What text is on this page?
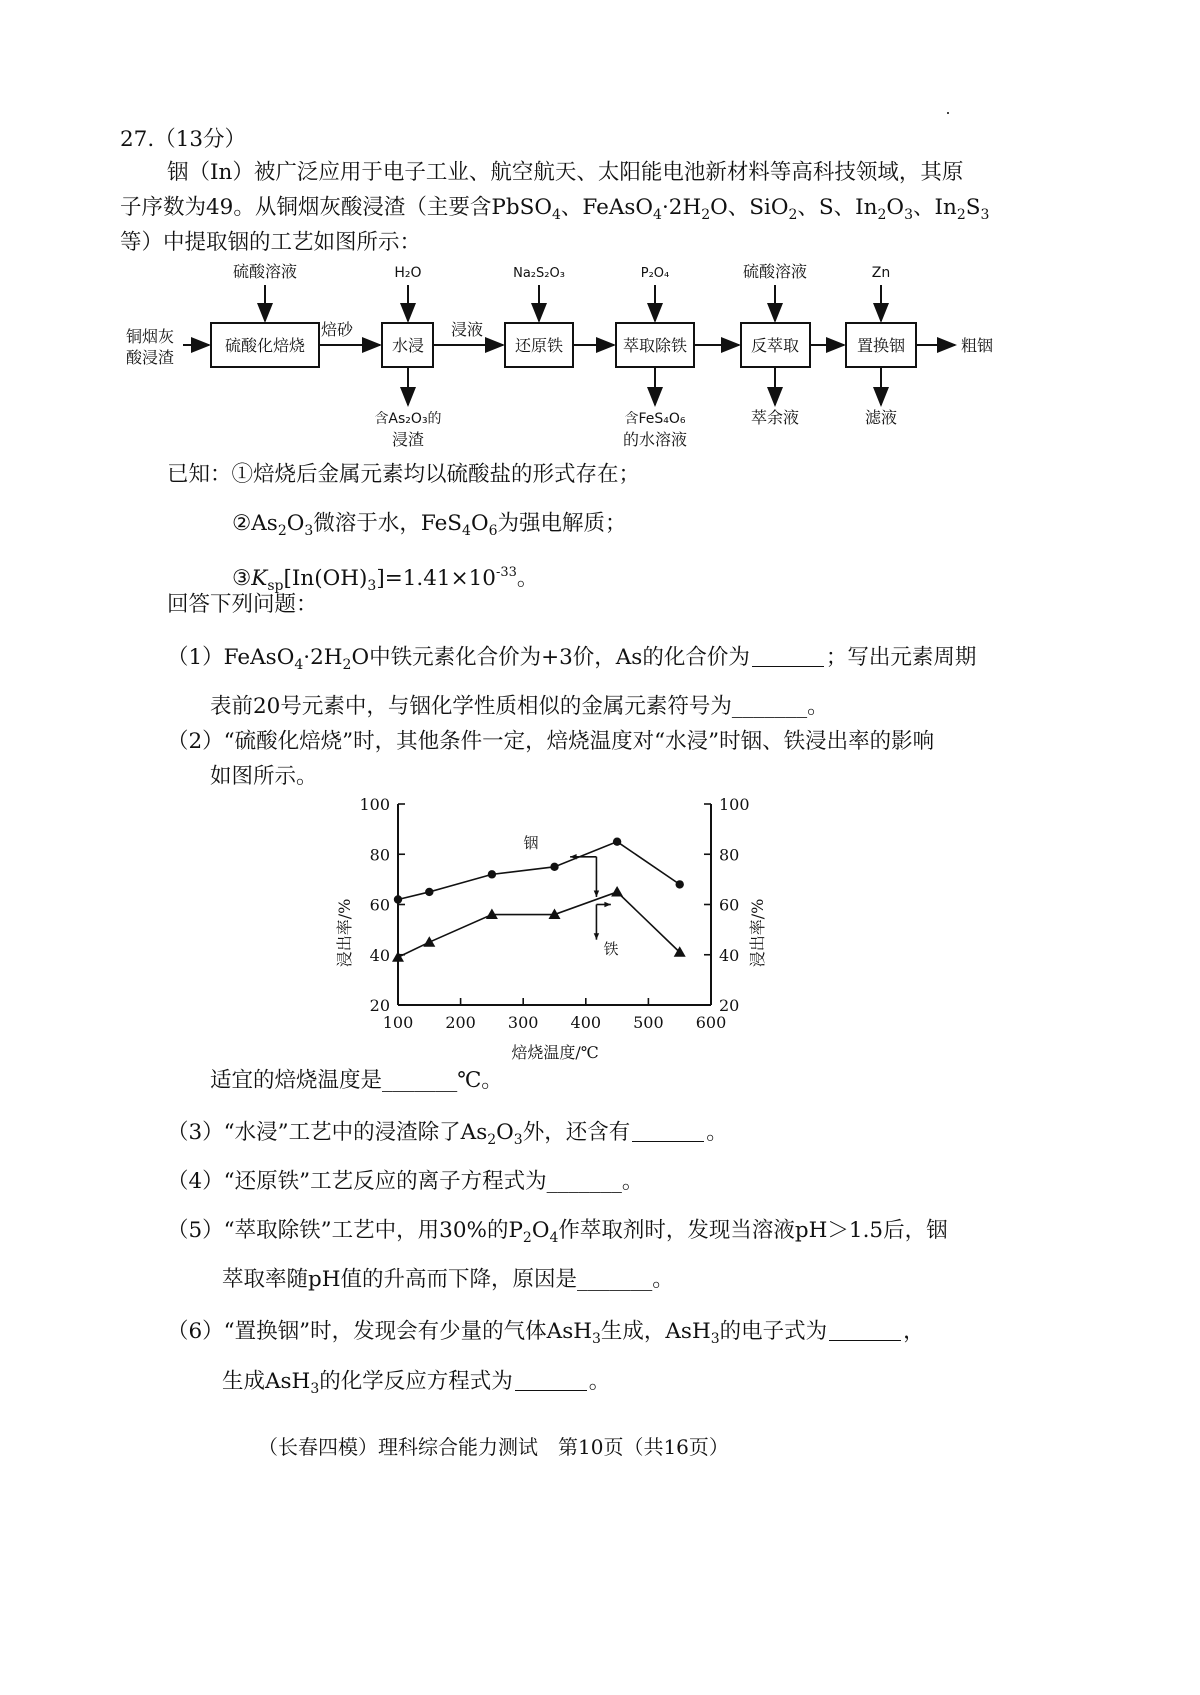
27.（13分）
铟（In）被广泛应用于电子工业、航空航天、太阳能电池新材料等高科技领域，其原
子序数为49。从铜烟灰酸浸渣（主要含PbSO$_4$、$FeAsO_4\cdot 2H_2O$、SiO$_2$、S、$In_2O_3$、$In_2S_3$
等）中提取铟的工艺如图所示：
铜烟灰
酸浸渣
硫酸化焙烧	水浸	还原铁	萃取除铁	反萃取	置换铟
硫酸溶液	H₂O	Na₂S₂O₃	P₂O₄	硫酸溶液	Zn
焙砂	浸液
含As₂O₃的
浸渣
含FeS₄O₆
的水溶液
萃余液	滤液
粗铟
已知：①焙烧后金属元素均以硫酸盐的形式存在；
$②As_2O_3$微溶于水，$FeS_4O_6$为强电解质；
$③K_{sp}[In(OH)_3]=1.41\times 10^{-33}$。
回答下列问题：
$(1)FeAsO_4\cdot 2H_2O$中铁元素化合价为+3价，As的化合价为	；写出元素周期
表前20号元素中，与铟化学性质相似的金属元素符号为_______。
（2）“硫酸化焙烧”时，其他条件一定，焙烧温度对“水浸”时铟、铁浸出率的影响
如图所示。
20	20
40	40
60	60
80	80
100	100
100 200 300 400 500 600
浸出率/%	浸出率/%
焙烧温度/℃
铟
铁
适宜的焙烧温度是_______℃。
（3）“水浸”工艺中的浸渣除了$As_2O_3$外，还含有	。
（4）“还原铁”工艺反应的离子方程式为_______。
（5）“萃取除铁”工艺中，用30%的$P_2O_4$作萃取剂时，发现当溶液pH＞1.5后，铟
萃取率随pH值的升高而下降，原因是_______。
（6）“置换铟”时，发现会有少量的气体AsH$_3$生成，AsH$_3$的电子式为	，
生成AsH$_3$的化学反应方程式为	。
（长春四模）理科综合能力测试　第10页（共16页）
